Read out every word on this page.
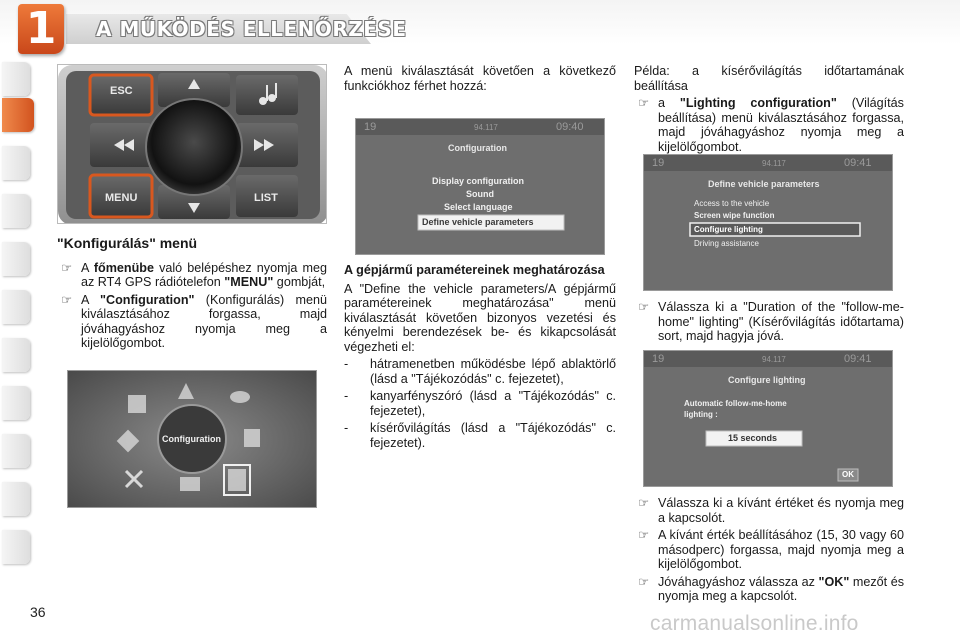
1	A MŰKÖDÉS ELLENŐRZÉSE
ESC
MENU	LIST
"Konfigurálás" menü
☞ A főmenübe való belépéshez nyomja meg az RT4 GPS rádiótelefon "MENU" gombját,
☞ A "Configuration" (Konfigurálás) menü kiválasztásához forgassa, majd jóváhagyáshoz nyomja meg a kijelölőgombot.
Configuration

A menü kiválasztását követően a következő funkciókhoz férhet hozzá:

19	94.117	09:40
Configuration
Display configuration
Sound
Select language
Define vehicle parameters
A gépjármű paramétereinek meghatározása

A "Define the vehicle parameters/A gépjármű paramétereinek meghatározása" menü kiválasztását követően bizonyos vezetési és kényelmi berendezések be- és kikapcsolását végezheti el:

- hátramenetben működésbe lépő ablaktörlő (lásd a "Tájékozódás" c. fejezetet),
- kanyarfényszóró (lásd a "Tájékozódás" c. fejezetet),
- kísérővilágítás (lásd a "Tájékozódás" c. fejezetet).

Példa: a kísérővilágítás időtartamának beállítása

☞ a "Lighting configuration" (Világítás beállítása) menü kiválasztásához forgassa, majd jóváhagyáshoz nyomja meg a kijelölőgombot.
19	94.117	09:41
Define vehicle parameters
Access to the vehicle
Screen wipe function
Configure lighting
Driving assistance
☞ Válassza ki a "Duration of the "follow-me-home" lighting" (Kísérővilágítás időtartama) sort, majd hagyja jóvá.
19	94.117	09:41
Configure lighting
Automatic follow-me-home
lighting :
15 seconds
OK
☞ Válassza ki a kívánt értéket és nyomja meg a kapcsolót.
☞ A kívánt érték beállításához (15, 30 vagy 60 másodperc) forgassa, majd nyomja meg a kijelölőgombot.
☞ Jóváhagyáshoz válassza az "OK" mezőt és nyomja meg a kapcsolót.
36	carmanualsonline.info
